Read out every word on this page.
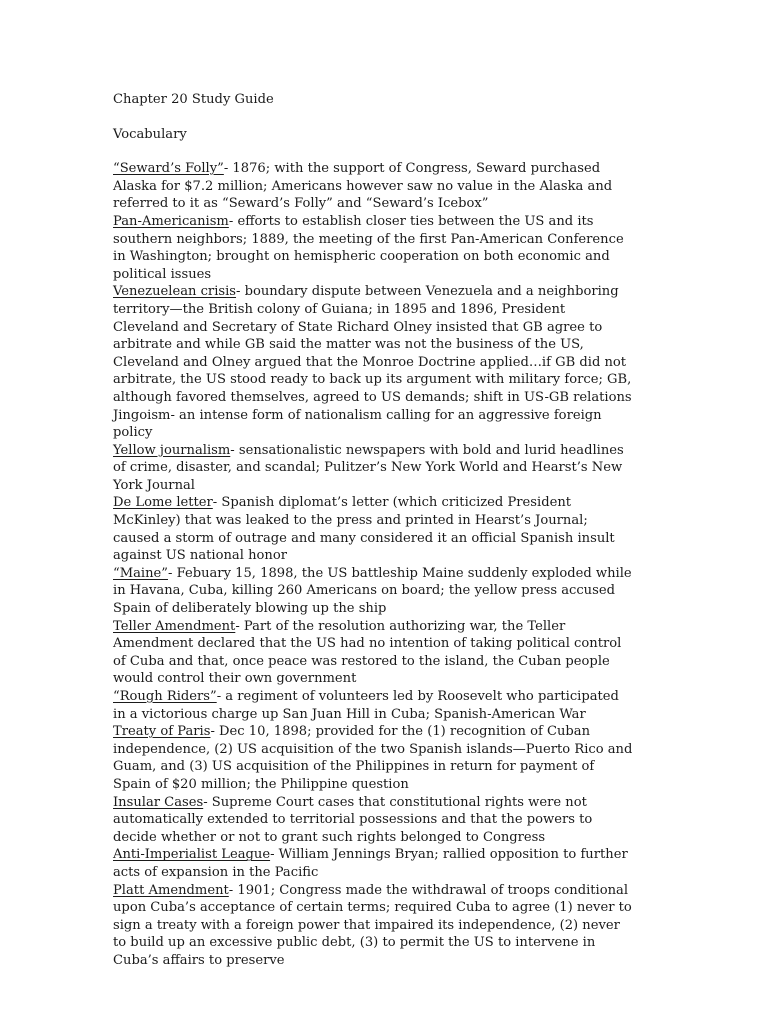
Chapter 20 Study Guide

Vocabulary

“Seward’s Folly”- 1876; with the support of Congress, Seward purchased Alaska for $7.2 million; Americans however saw no value in the Alaska and referred to it as “Seward’s Folly” and “Seward’s Icebox”

Pan-Americanism- efforts to establish closer ties between the US and its southern neighbors; 1889, the meeting of the first Pan-American Conference in Washington; brought on hemispheric cooperation on both economic and political issues

Venezuelean crisis- boundary dispute between Venezuela and a neighboring territory—the British colony of Guiana; in 1895 and 1896, President Cleveland and Secretary of State Richard Olney insisted that GB agree to arbitrate and while GB said the matter was not the business of the US, Cleveland and Olney argued that the Monroe Doctrine applied…if GB did not arbitrate, the US stood ready to back up its argument with military force; GB, although favored themselves, agreed to US demands; shift in US-GB relations

Jingoism- an intense form of nationalism calling for an aggressive foreign policy

Yellow journalism- sensationalistic newspapers with bold and lurid headlines of crime, disaster, and scandal; Pulitzer’s New York World and Hearst’s New York Journal

De Lome letter- Spanish diplomat’s letter (which criticized President McKinley) that was leaked to the press and printed in Hearst’s Journal; caused a storm of outrage and many considered it an official Spanish insult against US national honor

“Maine”- Febuary 15, 1898, the US battleship Maine suddenly exploded while in Havana, Cuba, killing 260 Americans on board; the yellow press accused Spain of deliberately blowing up the ship

Teller Amendment- Part of the resolution authorizing war, the Teller Amendment declared that the US had no intention of taking political control of Cuba and that, once peace was restored to the island, the Cuban people would control their own government

“Rough Riders”- a regiment of volunteers led by Roosevelt who participated in a victorious charge up San Juan Hill in Cuba; Spanish-American War

Treaty of Paris- Dec 10, 1898; provided for the (1) recognition of Cuban independence, (2) US acquisition of the two Spanish islands—Puerto Rico and Guam, and (3) US acquisition of the Philippines in return for payment of Spain of $20 million; the Philippine question

Insular Cases- Supreme Court cases that constitutional rights were not automatically extended to territorial possessions and that the powers to decide whether or not to grant such rights belonged to Congress

Anti-Imperialist League- William Jennings Bryan; rallied opposition to further acts of expansion in the Pacific

Platt Amendment- 1901; Congress made the withdrawal of troops conditional upon Cuba’s acceptance of certain terms; required Cuba to agree (1) never to sign a treaty with a foreign power that impaired its independence, (2) never to build up an excessive public debt, (3) to permit the US to intervene in Cuba’s affairs to preserve
